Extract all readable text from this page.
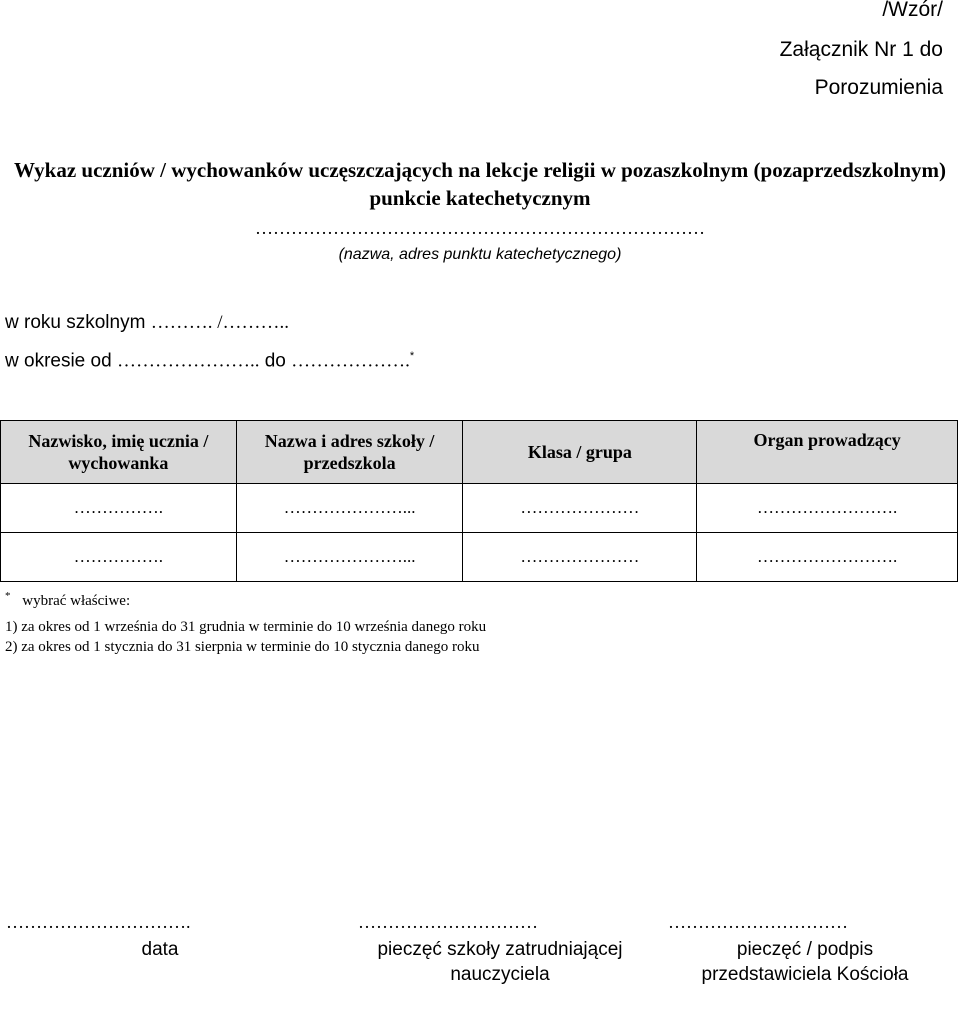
/Wzór/
Załącznik Nr 1 do
Porozumienia
Wykaz uczniów / wychowanków uczęszczających na lekcje religii w pozaszkolnym (pozaprzedszkolnym) punkcie katechetycznym
…………………………………………………………………
(nazwa, adres punktu katechetycznego)
w roku szkolnym ………. /………..
w okresie od ………………….. do ……………….*
Nazwisko, imię ucznia / wychowanka	Nazwa i adres szkoły / przedszkola	Klasa / grupa	Organ prowadzący
…………….	…………………...	…………………	…………………….
…………….	…………………...	…………………	…………………….
* wybrać właściwe:
1) za okres od 1 września do 31 grudnia w terminie do 10 września danego roku
2) za okres od 1 stycznia do 31 sierpnia w terminie do 10 stycznia danego roku
………………………….
data
…………………………
pieczęć szkoły zatrudniającej nauczyciela
…………………………
pieczęć / podpis przedstawiciela Kościoła
